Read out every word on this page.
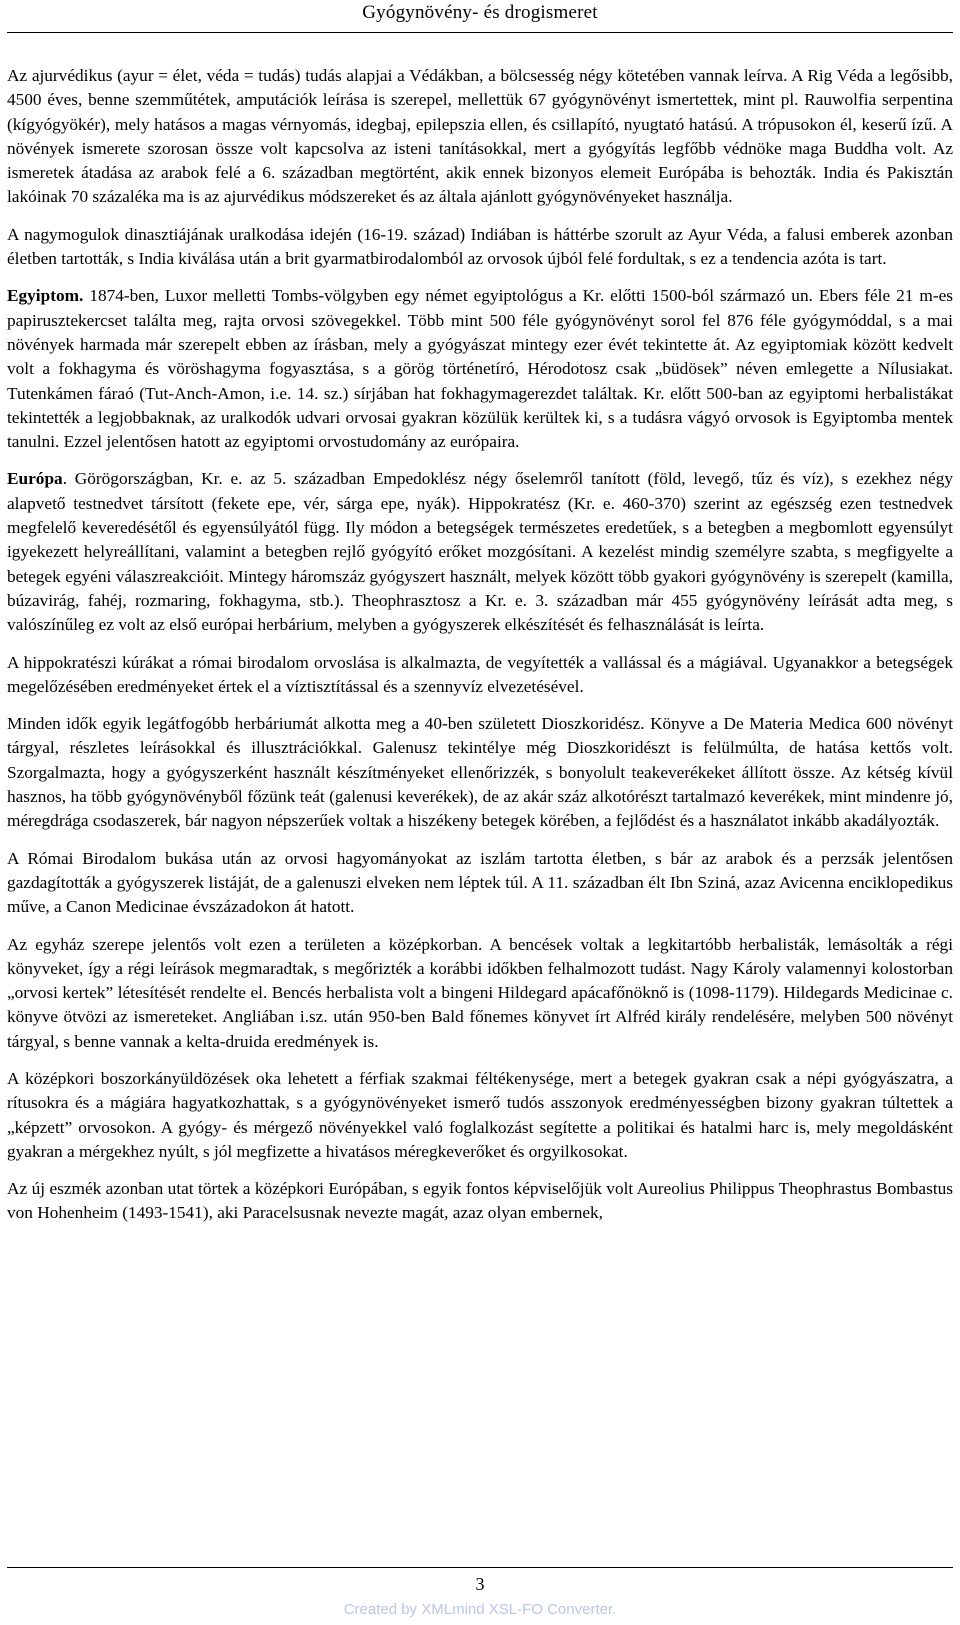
Gyógynövény- és drogismeret

Az ajurvédikus (ayur = élet, véda = tudás) tudás alapjai a Védákban, a bölcsesség négy kötetében vannak leírva. A Rig Véda a legősibb, 4500 éves, benne szemműtétek, amputációk leírása is szerepel, mellettük 67 gyógynövényt ismertettek, mint pl. Rauwolfia serpentina (kígyógyökér), mely hatásos a magas vérnyomás, idegbaj, epilepszia ellen, és csillapító, nyugtató hatású. A trópusokon él, keserű ízű. A növények ismerete szorosan össze volt kapcsolva az isteni tanításokkal, mert a gyógyítás legfőbb védnöke maga Buddha volt. Az ismeretek átadása az arabok felé a 6. században megtörtént, akik ennek bizonyos elemeit Európába is behozták. India és Pakisztán lakóinak 70 százaléka ma is az ajurvédikus módszereket és az általa ajánlott gyógynövényeket használja.

A nagymogulok dinasztiájának uralkodása idején (16-19. század) Indiában is háttérbe szorult az Ayur Véda, a falusi emberek azonban életben tartották, s India kiválása után a brit gyarmatbirodalomból az orvosok újból felé fordultak, s ez a tendencia azóta is tart.

Egyiptom. 1874-ben, Luxor melletti Tombs-völgyben egy német egyiptológus a Kr. előtti 1500-ból származó un. Ebers féle 21 m-es papirusztekercset találta meg, rajta orvosi szövegekkel. Több mint 500 féle gyógynövényt sorol fel 876 féle gyógymóddal, s a mai növények harmada már szerepelt ebben az írásban, mely a gyógyászat mintegy ezer évét tekintette át. Az egyiptomiak között kedvelt volt a fokhagyma és vöröshagyma fogyasztása, s a görög történetíró, Hérodotosz csak „büdösek” néven emlegette a Nílusiakat. Tutenkámen fáraó (Tut-Anch-Amon, i.e. 14. sz.) sírjában hat fokhagymagerezdet találtak. Kr. előtt 500-ban az egyiptomi herbalistákat tekintették a legjobbaknak, az uralkodók udvari orvosai gyakran közülük kerültek ki, s a tudásra vágyó orvosok is Egyiptomba mentek tanulni. Ezzel jelentősen hatott az egyiptomi orvostudomány az európaira.

Európa. Görögországban, Kr. e. az 5. században Empedoklész négy őselemről tanított (föld, levegő, tűz és víz), s ezekhez négy alapvető testnedvet társított (fekete epe, vér, sárga epe, nyák). Hippokratész (Kr. e. 460-370) szerint az egészség ezen testnedvek megfelelő keveredésétől és egyensúlyától függ. Ily módon a betegségek természetes eredetűek, s a betegben a megbomlott egyensúlyt igyekezett helyreállítani, valamint a betegben rejlő gyógyító erőket mozgósítani. A kezelést mindig személyre szabta, s megfigyelte a betegek egyéni válaszreakcióit. Mintegy háromszáz gyógyszert használt, melyek között több gyakori gyógynövény is szerepelt (kamilla, búzavirág, fahéj, rozmaring, fokhagyma, stb.). Theophrasztosz a Kr. e. 3. században már 455 gyógynövény leírását adta meg, s valószínűleg ez volt az első európai herbárium, melyben a gyógyszerek elkészítését és felhasználását is leírta.

A hippokratészi kúrákat a római birodalom orvoslása is alkalmazta, de vegyítették a vallással és a mágiával. Ugyanakkor a betegségek megelőzésében eredményeket értek el a víztisztítással és a szennyvíz elvezetésével.

Minden idők egyik legátfogóbb herbáriumát alkotta meg a 40-ben született Dioszkoridész. Könyve a De Materia Medica 600 növényt tárgyal, részletes leírásokkal és illusztrációkkal. Galenusz tekintélye még Dioszkoridészt is felülmúlta, de hatása kettős volt. Szorgalmazta, hogy a gyógyszerként használt készítményeket ellenőrizzék, s bonyolult teakeverékeket állított össze. Az kétség kívül hasznos, ha több gyógynövényből főzünk teát (galenusi keverékek), de az akár száz alkotórészt tartalmazó keverékek, mint mindenre jó, méregdrága csodaszerek, bár nagyon népszerűek voltak a hiszékeny betegek körében, a fejlődést és a használatot inkább akadályozták.

A Római Birodalom bukása után az orvosi hagyományokat az iszlám tartotta életben, s bár az arabok és a perzsák jelentősen gazdagították a gyógyszerek listáját, de a galenuszi elveken nem léptek túl. A 11. században élt Ibn Sziná, azaz Avicenna enciklopedikus műve, a Canon Medicinae évszázadokon át hatott.

Az egyház szerepe jelentős volt ezen a területen a középkorban. A bencések voltak a legkitartóbb herbalisták, lemásolták a régi könyveket, így a régi leírások megmaradtak, s megőrizték a korábbi időkben felhalmozott tudást. Nagy Károly valamennyi kolostorban „orvosi kertek” létesítését rendelte el. Bencés herbalista volt a bingeni Hildegard apácafőnöknő is (1098-1179). Hildegards Medicinae c. könyve ötvözi az ismereteket. Angliában i.sz. után 950-ben Bald főnemes könyvet írt Alfréd király rendelésére, melyben 500 növényt tárgyal, s benne vannak a kelta-druida eredmények is.

A középkori boszorkányüldözések oka lehetett a férfiak szakmai féltékenysége, mert a betegek gyakran csak a népi gyógyászatra, a rítusokra és a mágiára hagyatkozhattak, s a gyógynövényeket ismerő tudós asszonyok eredményességben bizony gyakran túltettek a „képzett” orvosokon. A gyógy- és mérgező növényekkel való foglalkozást segítette a politikai és hatalmi harc is, mely megoldásként gyakran a mérgekhez nyúlt, s jól megfizette a hivatásos méregkeverőket és orgyilkosokat.

Az új eszmék azonban utat törtek a középkori Európában, s egyik fontos képviselőjük volt Aureolius Philippus Theophrastus Bombastus von Hohenheim (1493-1541), aki Paracelsusnak nevezte magát, azaz olyan embernek,

3
Created by XMLmind XSL-FO Converter.
